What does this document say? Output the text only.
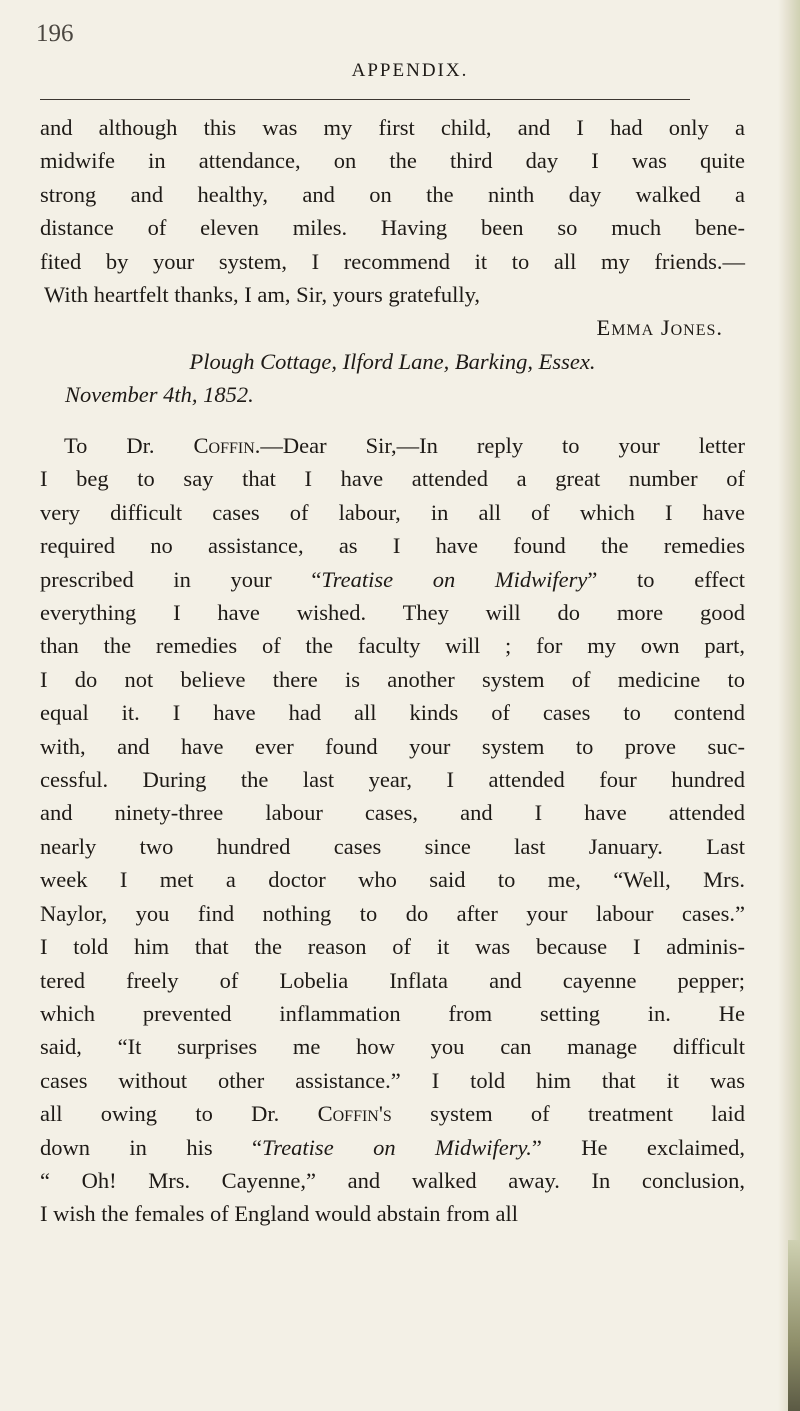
196
APPENDIX.
and although this was my first child, and I had only a
midwife in attendance, on the third day I was quite
strong and healthy, and on the ninth day walked a
distance of eleven miles. Having been so much bene-
fited by your system, I recommend it to all my friends.—
With heartfelt thanks, I am, Sir, yours gratefully,
Emma Jones.
Plough Cottage, Ilford Lane, Barking, Essex.
November 4th, 1852.
To Dr. Coffin.—Dear Sir,—In reply to your letter
I beg to say that I have attended a great number of
very difficult cases of labour, in all of which I have
required no assistance, as I have found the remedies
prescribed in your “Treatise on Midwifery” to effect
everything I have wished. They will do more good
than the remedies of the faculty will ; for my own part,
I do not believe there is another system of medicine to
equal it. I have had all kinds of cases to contend
with, and have ever found your system to prove suc-
cessful. During the last year, I attended four hundred
and ninety-three labour cases, and I have attended
nearly two hundred cases since last January. Last
week I met a doctor who said to me, “Well, Mrs.
Naylor, you find nothing to do after your labour cases.”
I told him that the reason of it was because I adminis-
tered freely of Lobelia Inflata and cayenne pepper;
which prevented inflammation from setting in. He
said, “It surprises me how you can manage difficult
cases without other assistance.” I told him that it was
all owing to Dr. Coffin's system of treatment laid
down in his “Treatise on Midwifery.” He exclaimed,
“ Oh! Mrs. Cayenne,” and walked away. In conclusion,
I wish the females of England would abstain from all
